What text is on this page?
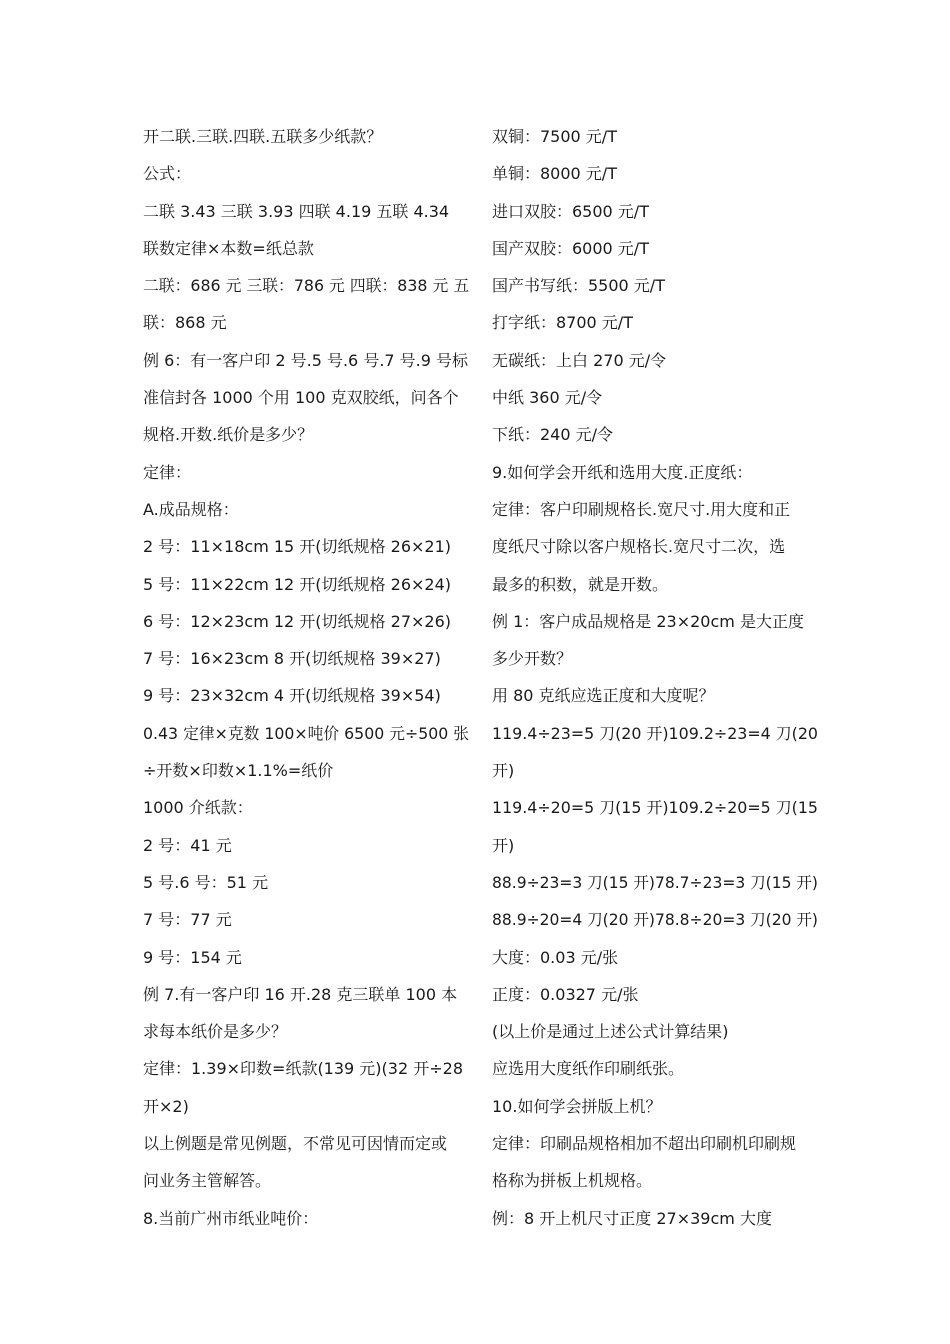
开二联.三联.四联.五联多少纸款？
公式：
二联 3.43 三联 3.93 四联 4.19 五联 4.34
联数定律×本数=纸总款
二联：686 元 三联：786 元 四联：838 元 五
联：868 元
例 6：有一客户印 2 号.5 号.6 号.7 号.9 号标
准信封各 1000 个用 100 克双胶纸，问各个
规格.开数.纸价是多少？
定律：
A.成品规格：
2 号：11×18cm 15 开(切纸规格 26×21)
5 号：11×22cm 12 开(切纸规格 26×24)
6 号：12×23cm 12 开(切纸规格 27×26)
7 号：16×23cm 8 开(切纸规格 39×27)
9 号：23×32cm 4 开(切纸规格 39×54)
0.43 定律×克数 100×吨价 6500 元÷500 张
÷开数×印数×1.1%=纸价
1000 介纸款：
2 号：41 元
5 号.6 号：51 元
7 号：77 元
9 号：154 元
例 7.有一客户印 16 开.28 克三联单 100 本
求每本纸价是多少？
定律：1.39×印数=纸款(139 元)(32 开÷28
开×2)
以上例题是常见例题，不常见可因情而定或
问业务主管解答。
8.当前广州市纸业吨价：
双铜：7500 元/T
单铜：8000 元/T
进口双胶：6500 元/T
国产双胶：6000 元/T
国产书写纸：5500 元/T
打字纸：8700 元/T
无碳纸：上白 270 元/令
中纸 360 元/令
下纸：240 元/令
9.如何学会开纸和选用大度.正度纸：
定律：客户印刷规格长.宽尺寸.用大度和正
度纸尺寸除以客户规格长.宽尺寸二次，选
最多的积数，就是开数。
例 1：客户成品规格是 23×20cm 是大正度
多少开数？
用 80 克纸应选正度和大度呢？
119.4÷23=5 刀(20 开)109.2÷23=4 刀(20
开)
119.4÷20=5 刀(15 开)109.2÷20=5 刀(15
开)
88.9÷23=3 刀(15 开)78.7÷23=3 刀(15 开)
88.9÷20=4 刀(20 开)78.8÷20=3 刀(20 开)
大度：0.03 元/张
正度：0.0327 元/张
(以上价是通过上述公式计算结果)
应选用大度纸作印刷纸张。
10.如何学会拼版上机？
定律：印刷品规格相加不超出印刷机印刷规
格称为拼板上机规格。
例：8 开上机尺寸正度 27×39cm 大度
